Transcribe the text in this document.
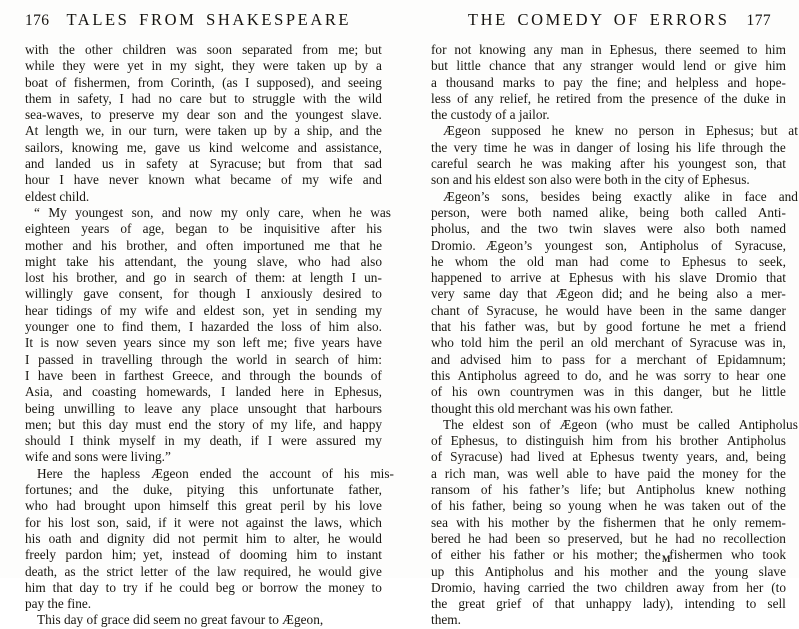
176 TALES FROM SHAKESPEARE	THE COMEDY OF ERRORS 177
with the other children was soon separated from me;  but
while they were yet in my sight, they were taken up by a
boat of fishermen, from Corinth, (as I supposed), and seeing
them in safety, I had no care but to struggle with the wild
sea-waves, to preserve my dear son and the youngest slave.
At length we, in our turn, were taken up by a ship, and the
sailors, knowing me, gave us kind welcome and assistance,
and landed us in safety at Syracuse;  but from that sad
hour I have never known what became of my wife and
eldest child.
“ My youngest son, and now my only care, when he was
eighteen years of age, began to be inquisitive after his
mother and his brother, and often importuned me that he
might take his attendant, the young slave, who had also
lost his brother, and go in search of them:  at length I un-
willingly gave consent, for though I anxiously desired to
hear tidings of my wife and eldest son, yet in sending my
younger one to find them, I hazarded the loss of him also.
It is now seven years since my son left me;  five years have
I passed in travelling through the world in search of him:
I have been in farthest Greece, and through the bounds of
Asia, and coasting homewards, I landed here in Ephesus,
being unwilling to leave any place unsought that harbours
men;  but this day must end the story of my life, and happy
should I think myself in my death, if I were assured my
wife and sons were living.”
Here the hapless Ægeon ended the account of his mis-
fortunes;  and the duke, pitying this unfortunate father,
who had brought upon himself this great peril by his love
for his lost son, said, if it were not against the laws, which
his oath and dignity did not permit him to alter, he would
freely pardon him;  yet, instead of dooming him to instant
death, as the strict letter of the law required, he would give
him that day to try if he could beg or borrow the money to
pay the fine.
This day of grace did seem no great favour to Ægeon,
for not knowing any man in Ephesus, there seemed to him
but little chance that any stranger would lend or give him
a thousand marks to pay the fine;  and helpless and hope-
less of any relief, he retired from the presence of the duke in
the custody of a jailor.
Ægeon supposed he knew no person in Ephesus;  but at
the very time he was in danger of losing his life through the
careful search he was making after his youngest son, that
son and his eldest son also were both in the city of Ephesus.
Ægeon’s sons, besides being exactly alike in face and
person, were both named alike, being both called Anti-
pholus, and the two twin slaves were also both named
Dromio.   Ægeon’s youngest son, Antipholus of Syracuse,
he whom the old man had come to Ephesus to seek,
happened to arrive at Ephesus with his slave Dromio that
very same day that Ægeon did;  and he being also a mer-
chant of Syracuse, he would have been in the same danger
that his father was, but by good fortune he met a friend
who told him the peril an old merchant of Syracuse was in,
and advised him to pass for a merchant of Epidamnum;
this Antipholus agreed to do, and he was sorry to hear one
of his own countrymen was in this danger, but he little
thought this old merchant was his own father.
The eldest son of Ægeon (who must be called Antipholus
of Ephesus, to distinguish him from his brother Antipholus
of Syracuse) had lived at Ephesus twenty years, and, being
a rich man, was well able to have paid the money for the
ransom of his father’s life;  but Antipholus knew nothing
of his father, being so young when he was taken out of the
sea with his mother by the fishermen that he only remem-
bered he had been so preserved, but he had no recollection
of either his father or his mother;  the fishermen who took
up this Antipholus and his mother and the young slave
Dromio, having carried the two children away from her (to
the great grief of that unhappy lady), intending to sell
them.
M
